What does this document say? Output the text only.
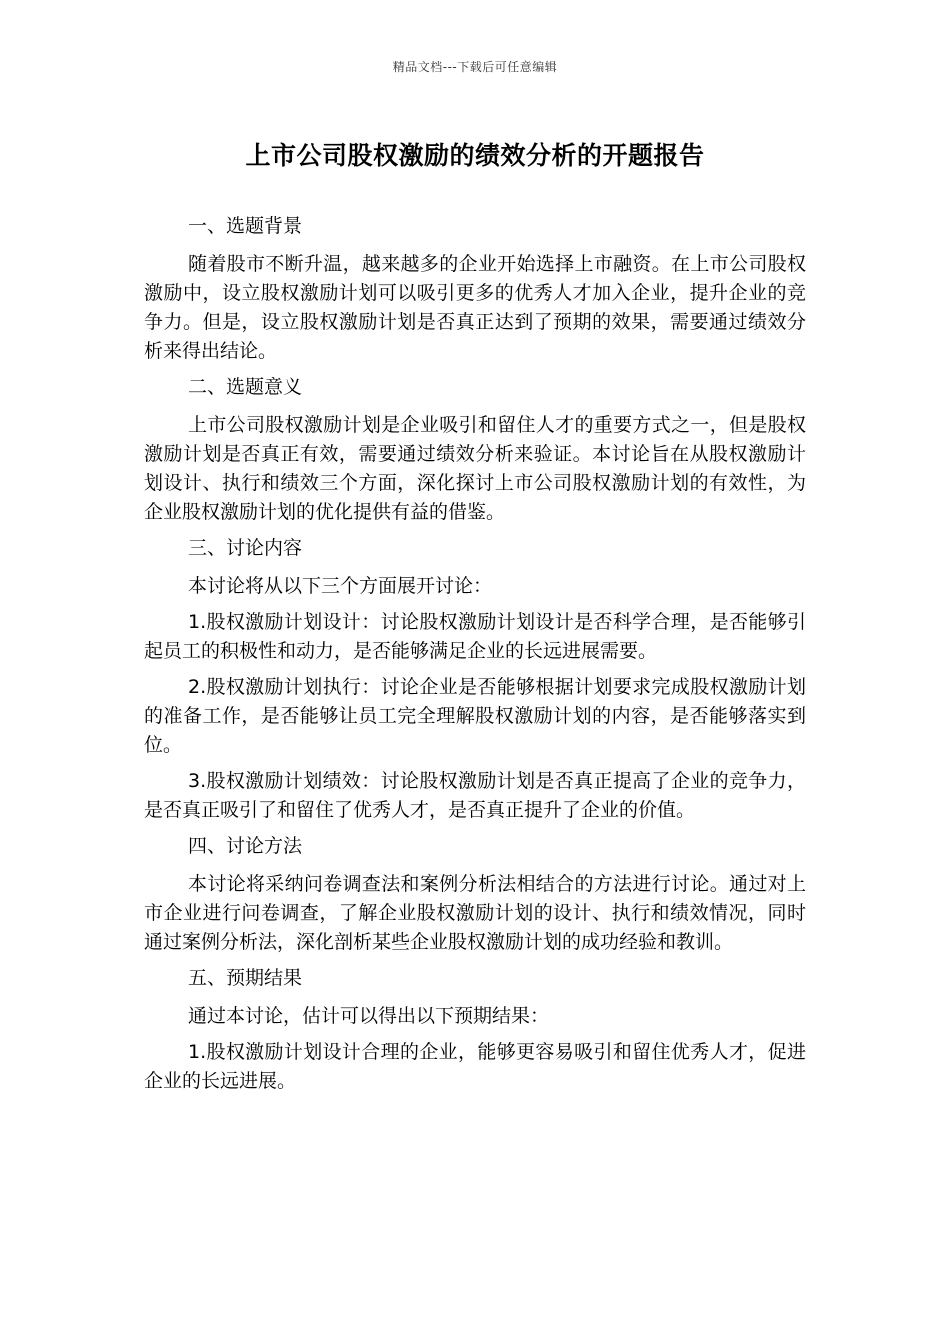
精品文档---下载后可任意编辑
上市公司股权激励的绩效分析的开题报告

一、选题背景

随着股市不断升温，越来越多的企业开始选择上市融资。在上市公司股权激励中，设立股权激励计划可以吸引更多的优秀人才加入企业，提升企业的竞争力。但是，设立股权激励计划是否真正达到了预期的效果，需要通过绩效分析来得出结论。

二、选题意义

上市公司股权激励计划是企业吸引和留住人才的重要方式之一，但是股权激励计划是否真正有效，需要通过绩效分析来验证。本讨论旨在从股权激励计划设计、执行和绩效三个方面，深化探讨上市公司股权激励计划的有效性，为企业股权激励计划的优化提供有益的借鉴。

三、讨论内容

本讨论将从以下三个方面展开讨论：

1.股权激励计划设计：讨论股权激励计划设计是否科学合理，是否能够引起员工的积极性和动力，是否能够满足企业的长远进展需要。

2.股权激励计划执行：讨论企业是否能够根据计划要求完成股权激励计划的准备工作，是否能够让员工完全理解股权激励计划的内容，是否能够落实到位。

3.股权激励计划绩效：讨论股权激励计划是否真正提高了企业的竞争力，是否真正吸引了和留住了优秀人才，是否真正提升了企业的价值。

四、讨论方法

本讨论将采纳问卷调查法和案例分析法相结合的方法进行讨论。通过对上市企业进行问卷调查，了解企业股权激励计划的设计、执行和绩效情况，同时通过案例分析法，深化剖析某些企业股权激励计划的成功经验和教训。

五、预期结果

通过本讨论，估计可以得出以下预期结果：

1.股权激励计划设计合理的企业，能够更容易吸引和留住优秀人才，促进企业的长远进展。
